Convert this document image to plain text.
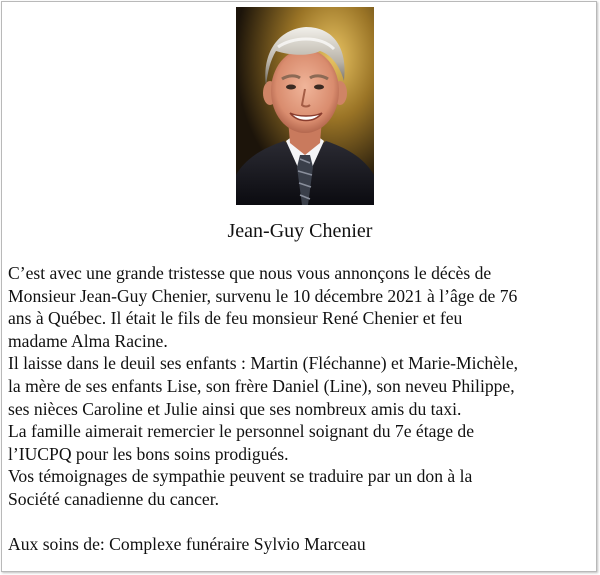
Jean-Guy Chenier
C’est avec une grande tristesse que nous vous annonçons le décès de
Monsieur Jean-Guy Chenier, survenu le 10 décembre 2021 à l’âge de 76
ans à Québec. Il était le fils de feu monsieur René Chenier et feu
madame Alma Racine.
Il laisse dans le deuil ses enfants : Martin (Fléchanne) et Marie-Michèle,
la mère de ses enfants Lise, son frère Daniel (Line), son neveu Philippe,
ses nièces Caroline et Julie ainsi que ses nombreux amis du taxi.
La famille aimerait remercier le personnel soignant du 7e étage de
l’IUCPQ pour les bons soins prodigués.
Vos témoignages de sympathie peuvent se traduire par un don à la
Société canadienne du cancer.
Aux soins de: Complexe funéraire Sylvio Marceau
